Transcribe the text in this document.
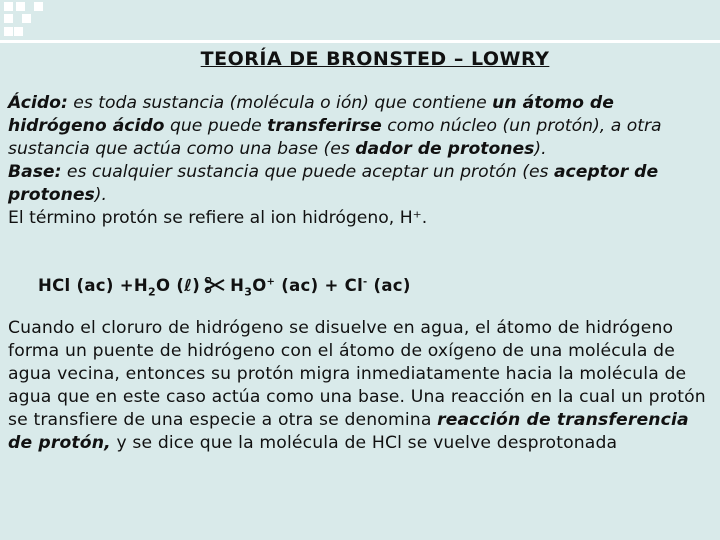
TEORÍA DE BRONSTED – LOWRY

Ácido: es toda sustancia (molécula o ión) que contiene un átomo de hidrógeno ácido que puede transferirse como núcleo (un protón), a otra sustancia que actúa como una base (es dador de protones).

Base: es cualquier sustancia que puede aceptar un protón (es aceptor de protones).

El término protón se refiere al ion hidrógeno, H⁺.

HCl $(ac) +H_2O$ (ℓ) $H_3O^+$ (ac) + Cl- (ac)

Cuando el cloruro de hidrógeno se disuelve en agua, el átomo de hidrógeno forma un puente de hidrógeno con el átomo de oxígeno de una molécula de agua vecina, entonces su protón migra inmediatamente hacia la molécula de agua que en este caso actúa como una base. Una reacción en la cual un protón se transfiere de una especie a otra se denomina reacción de transferencia de protón, y se dice que la molécula de HCl se vuelve desprotonada
